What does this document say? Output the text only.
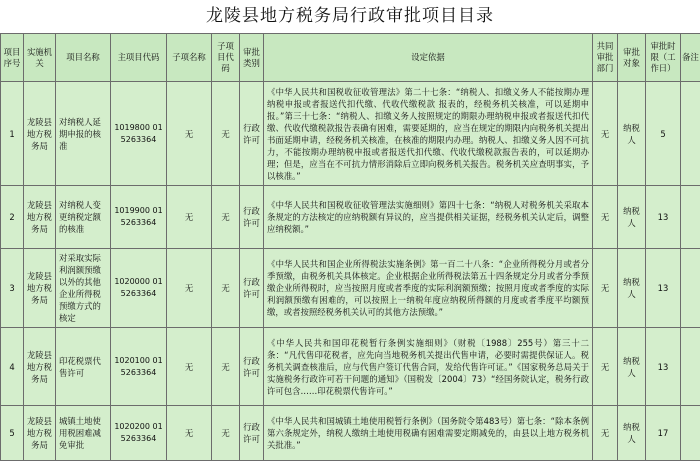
龙陵县地方税务局行政审批项目目录
项目序号	实施机关	项目名称	主项目代码	子项名称	子项目代码	审批类别	设定依据	共同审批部门	审批对象	审批时限（工作日）	备注
1	龙陵县地方税务局	对纳税人延期申报的核准	1019800 015263364	无	无	行政许可	《中华人民共和国税收征收管理法》第二十七条：“纳税人、扣缴义务人不能按期办理纳税申报或者报送代扣代缴、代收代缴税款 报表的，经税务机关核准，可以延期申报。”第三十七条：“纳税人、扣缴义务人按照规定的期限办理纳税申报或者报送代扣代缴、代收代缴税款报告表确有困难，需要延期的，应当在规定的期限内向税务机关提出书面延期申请，经税务机关核准，在核准的期限内办理。纳税人、扣缴义务人因不可抗力，不能按期办理纳税申报或者报送代扣代缴、代收代缴税款报告表的，可以延期办理；但是，应当在不可抗力情形消除后立即向税务机关报告。税务机关应查明事实，予以核准。”	无	纳税人	5	
2	龙陵县地方税务局	对纳税人变更纳税定额的核准	1019900 015263364	无	无	行政许可	《中华人民共和国税收征收管理法实施细则》第四十七条：“纳税人对税务机关采取本条规定的方法核定的应纳税额有异议的，应当提供相关证据，经税务机关认定后，调整应纳税额。”	无	纳税人	13	
3	龙陵县地方税务局	对采取实际利润额预缴以外的其他企业所得税预缴方式的核定	1020000 015263364	无	无	行政许可	《中华人民共和国企业所得税法实施条例》第一百二十八条：“企业所得税分月或者分季预缴，由税务机关具体核定。企业根据企业所得税法第五十四条规定分月或者分季预缴企业所得税时，应当按照月度或者季度的实际利润额预缴；按照月度或者季度的实际利润额预缴有困难的，可以按照上一纳税年度应纳税所得额的月度或者季度平均额预缴，或者按照经税务机关认可的其他方法预缴。”	无	纳税人	13	
4	龙陵县地方税务局	印花税票代售许可	1020100 015263364	无	无	行政许可	《中华人民共和国印花税暂行条例实施细则》（财税〔1988〕255号）第三十二条：“凡代售印花税者，应先向当地税务机关提出代售申请，必要时需提供保证人。税务机关调查核准后，应与代售户签订代售合同，发给代售许可证。”《国家税务总局关于实施税务行政许可若干问题的通知》（国税发〔2004〕73）“经国务院认定，税务行政许可包含……印花税票代售许可。”	无	纳税人	13	
5	龙陵县地方税务局	城镇土地使用税困难减免审批	1020200 015263364	无	无	行政许可	《中华人民共和国城镇土地使用税暂行条例》（国务院令第483号）第七条：“除本条例第六条规定外，纳税人缴纳土地使用税确有困难需要定期减免的，由县以上地方税务机关批准。”	无	纳税人	17	
